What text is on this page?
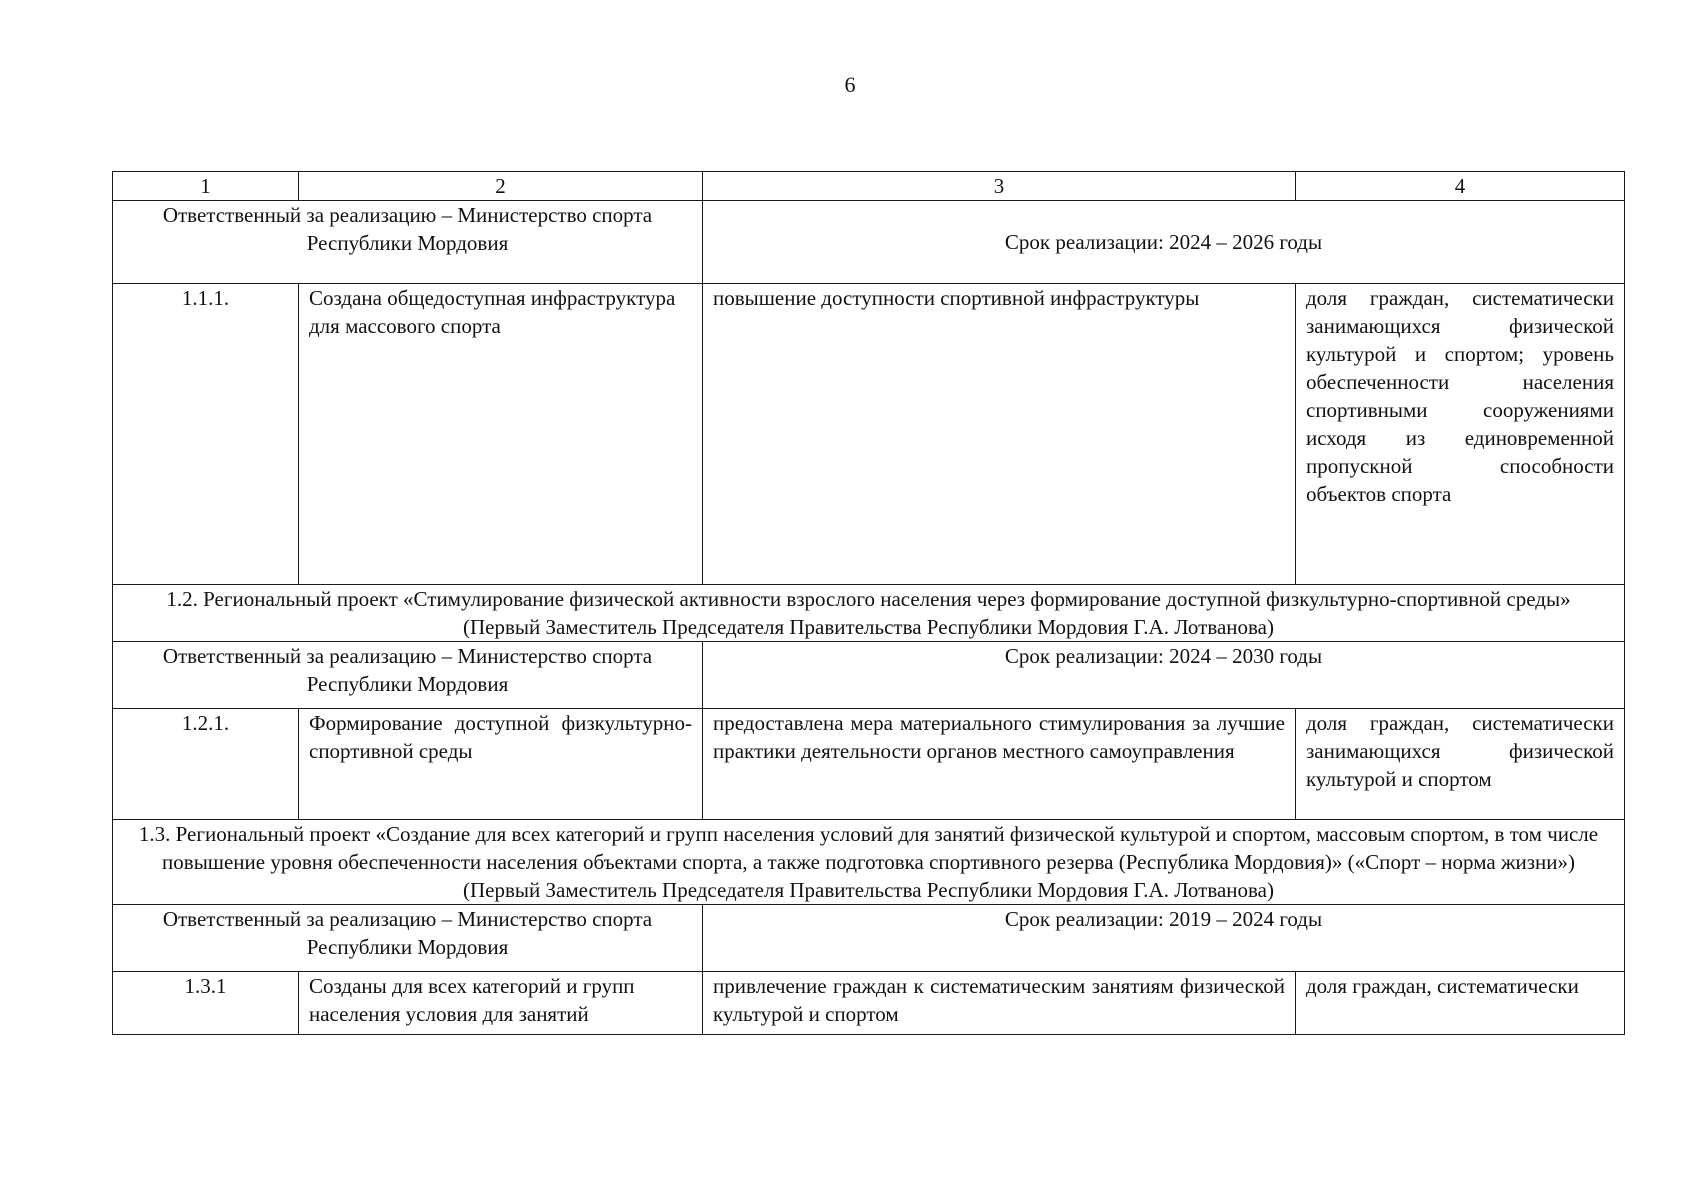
6
1	2	3	4
Ответственный за реализацию – Министерство спорта Республики Мордовия		Срок реализации: 2024 – 2026 годы	

1.1.1.	Создана общедоступная инфраструктура для массового спорта	повышение доступности спортивной инфраструктуры	доля граждан, систематически занимающихся физической культурой и спортом; уровень обеспеченности населения спортивными сооружениями исходя из единовременной пропускной способности объектов спорта

1.2. Региональный проект «Стимулирование физической активности взрослого населения через формирование доступной физкультурно-спортивной среды»
(Первый Заместитель Председателя Правительства Республики Мордовия Г.А. Лотванова)			

Ответственный за реализацию – Министерство спорта Республики Мордовия		Срок реализации: 2024 – 2030 годы	
1.2.1.	Формирование доступной физкультурно-спортивной среды	предоставлена мера материального стимулирования за лучшие практики деятельности органов местного самоуправления	доля граждан, систематически занимающихся физической культурой и спортом

1.3. Региональный проект «Создание для всех категорий и групп населения условий для занятий физической культурой и спортом, массовым спортом, в том числе повышение уровня обеспеченности населения объектами спорта, а также подготовка спортивного резерва (Республика Мордовия)» («Спорт – норма жизни»)
(Первый Заместитель Председателя Правительства Республики Мордовия Г.А. Лотванова)			

Ответственный за реализацию – Министерство спорта Республики Мордовия		Срок реализации: 2019 – 2024 годы	
1.3.1	Созданы для всех категорий и групп населения условия для занятий	привлечение граждан к систематическим занятиям физической культурой и спортом	доля граждан, систематически
